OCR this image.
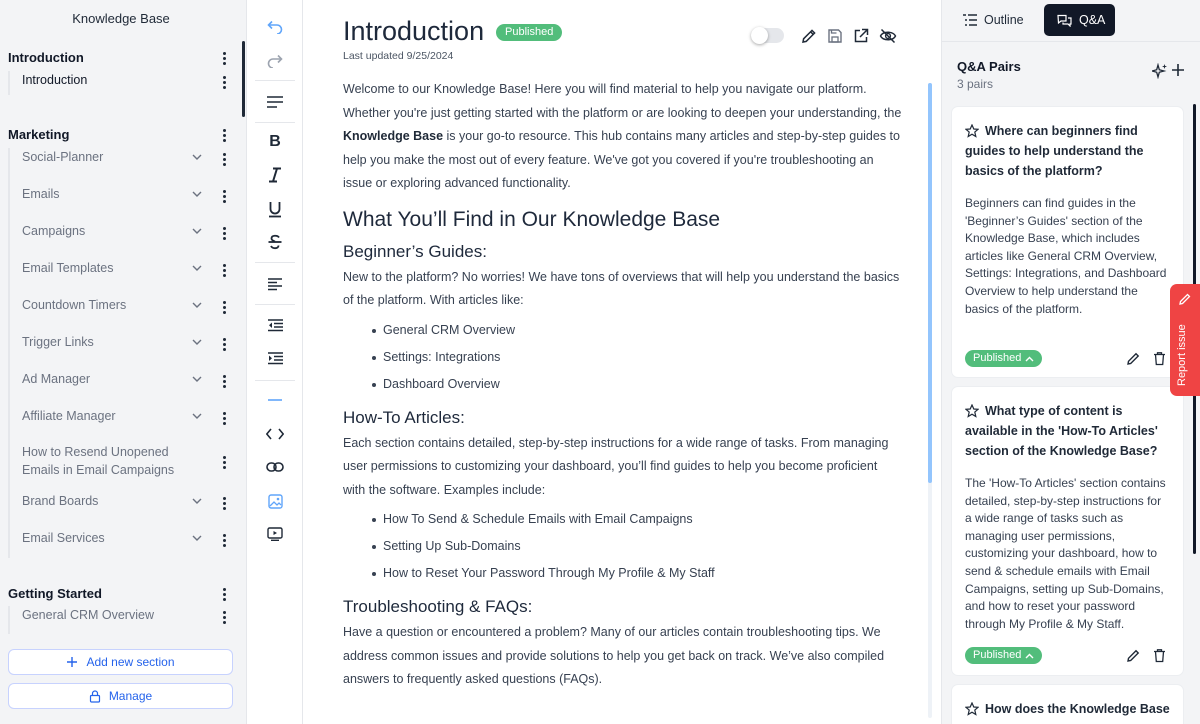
Knowledge Base
Introduction
Introduction
Marketing
Social-Planner
Emails
Campaigns
Email Templates
Countdown Timers
Trigger Links
Ad Manager
Affiliate Manager
How to Resend Unopened Emails in Email Campaigns
Brand Boards
Email Services
Getting Started
General CRM Overview
Add new section
Manage
B
Introduction	Published
Last updated 9/25/2024

Welcome to our Knowledge Base! Here you will find material to help you navigate our platform. Whether you're just getting started with the platform or are looking to deepen your understanding, the Knowledge Base is your go-to resource. This hub contains many articles and step-by-step guides to help you make the most out of every feature. We've got you covered if you're troubleshooting an issue or exploring advanced functionality.

What You’ll Find in Our Knowledge Base
Beginner’s Guides:

New to the platform? No worries! We have tons of overviews that will help you understand the basics of the platform. With articles like:

General CRM Overview
Settings: Integrations
Dashboard Overview
How-To Articles:

Each section contains detailed, step-by-step instructions for a wide range of tasks. From managing user permissions to customizing your dashboard, you’ll find guides to help you become proficient with the software. Examples include:

How To Send & Schedule Emails with Email Campaigns
Setting Up Sub-Domains
How to Reset Your Password Through My Profile & My Staff
Troubleshooting & FAQs:

Have a question or encountered a problem? Many of our articles contain troubleshooting tips. We address common issues and provide solutions to help you get back on track. We’ve also compiled answers to frequently asked questions (FAQs).

Outline	Q&A
Q&A Pairs
3 pairs
Where can beginners find guides to help understand the basics of the platform?
Beginners can find guides in the 'Beginner’s Guides' section of the Knowledge Base, which includes articles like General CRM Overview, Settings: Integrations, and Dashboard Overview to help understand the basics of the platform.
Published
What type of content is available in the 'How-To Articles' section of the Knowledge Base?
The 'How-To Articles' section contains detailed, step-by-step instructions for a wide range of tasks such as managing user permissions, customizing your dashboard, how to send & schedule emails with Email Campaigns, setting up Sub-Domains, and how to reset your password through My Profile & My Staff.
Published
How does the Knowledge Base
Report issue
